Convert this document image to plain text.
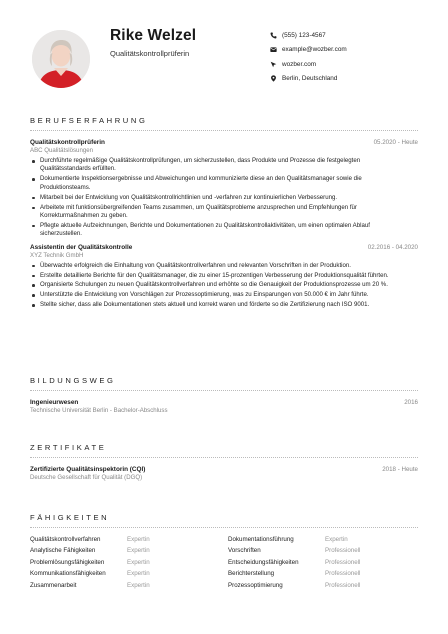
Rike Welzel
Qualitätskontrollprüferin
(555) 123-4567
example@wozber.com
wozber.com
Berlin, Deutschland
BERUFSERFAHRUNG
Qualitätskontrollprüferin	05.2020 - Heute
ABC Qualitätslösungen
Durchführte regelmäßige Qualitätskontrollprüfungen, um sicherzustellen, dass Produkte und Prozesse die festgelegten Qualitätsstandards erfüllten.
Dokumentierte Inspektionsergebnisse und Abweichungen und kommunizierte diese an den Qualitätsmanager sowie die Produktionsteams.
Mitarbeit bei der Entwicklung von Qualitätskontrollrichtlinien und -verfahren zur kontinuierlichen Verbesserung.
Arbeitete mit funktionsübergreifenden Teams zusammen, um Qualitätsprobleme anzusprechen und Empfehlungen für Korrekturmaßnahmen zu geben.
Pflegte aktuelle Aufzeichnungen, Berichte und Dokumentationen zu Qualitätskontrollaktivitäten, um einen optimalen Ablauf sicherzustellen.
Assistentin der Qualitätskontrolle	02.2016 - 04.2020
XYZ Technik GmbH
Überwachte erfolgreich die Einhaltung von Qualitätskontrollverfahren und relevanten Vorschriften in der Produktion.
Erstellte detaillierte Berichte für den Qualitätsmanager, die zu einer 15-prozentigen Verbesserung der Produktionsqualität führten.
Organisierte Schulungen zu neuen Qualitätskontrollverfahren und erhöhte so die Genauigkeit der Produktionsprozesse um 20 %.
Unterstützte die Entwicklung von Vorschlägen zur Prozessoptimierung, was zu Einsparungen von 50.000 € im Jahr führte.
Stellte sicher, dass alle Dokumentationen stets aktuell und korrekt waren und förderte so die Zertifizierung nach ISO 9001.
BILDUNGSWEG
Ingenieurwesen	2016
Technische Universität Berlin - Bachelor-Abschluss
ZERTIFIKATE
Zertifizierte Qualitätsinspektorin (CQI)	2018 - Heute
Deutsche Gesellschaft für Qualität (DGQ)
FÄHIGKEITEN
Qualitätskontrollverfahren	Expertin	Dokumentationsführung	Expertin
Analytische Fähigkeiten	Expertin	Vorschriften	Professionell
Problemlösungsfähigkeiten	Expertin	Entscheidungsfähigkeiten	Professionell
Kommunikationsfähigkeiten	Expertin	Berichterstellung	Professionell
Zusammenarbeit	Expertin	Prozessoptimierung	Professionell
